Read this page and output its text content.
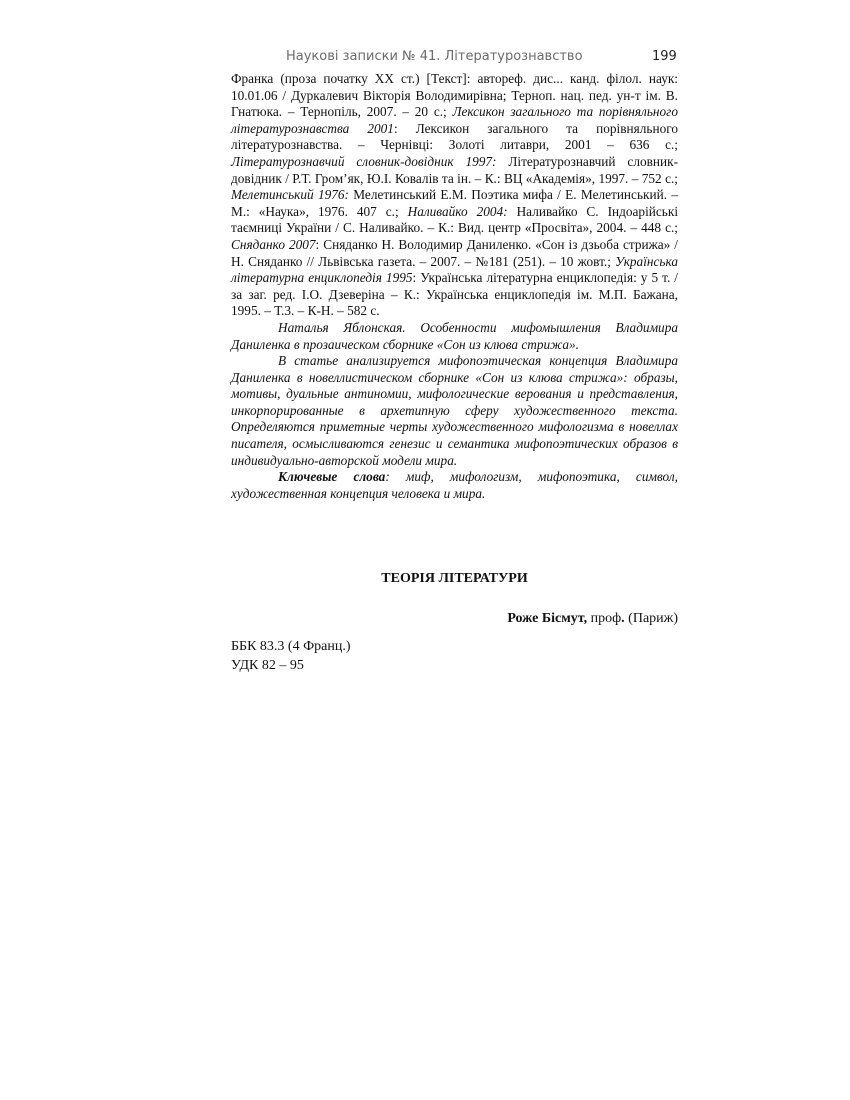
Наукові записки № 41. Літературознавство	199

Франка (проза початку XX ст.) [Текст]: автореф. дис... канд. філол. наук: 10.01.06 / Дуркалевич Вікторія Володимирівна; Терноп. нац. пед. ун-т ім. В. Гнатюка. – Тернопіль, 2007. – 20 с.; Лексикон загального та порівняльного літературознавства 2001: Лексикон загального та порівняльного літературознавства. – Чернівці: Золоті литаври, 2001 – 636 с.; Літературознавчий словник-довідник 1997: Літературознавчий словник-довідник / Р.Т. Гром’як, Ю.І. Ковалів та ін. – К.: ВЦ «Академія», 1997. – 752 с.; Мелетинський 1976: Мелетинський Е.М. Поэтика мифа / Е. Мелетинський. – М.: «Наука», 1976. 407 с.; Наливайко 2004: Наливайко С. Індоарійські таємниці України / С. Наливайко. – К.: Вид. центр «Просвіта», 2004. – 448 с.; Сняданко 2007: Сняданко Н. Володимир Даниленко. «Сон із дзьоба стрижа» / Н. Сняданко // Львівська газета. – 2007. – №181 (251). – 10 жовт.; Українська літературна енциклопедія 1995: Українська літературна енциклопедія: у 5 т. / за заг. ред. І.О. Дзеверіна – К.: Українська енциклопедія ім. М.П. Бажана, 1995. – Т.3. – К-Н. – 582 с.

Наталья Яблонская. Особенности мифомышления Владимира Даниленка в прозаическом сборнике «Сон из клюва стрижа».

В статье анализируется мифопоэтическая концепция Владимира Даниленка в новеллистическом сборнике «Сон из клюва стрижа»: образы, мотивы, дуальные антиномии, мифологические верования и представления, инкорпорированные в архетипную сферу художественного текста. Определяются приметные черты художественного мифологизма в новеллах писателя, осмысливаются генезис и семантика мифопоэтических образов в индивидуально-авторской модели мира.

Ключевые слова: миф, мифологизм, мифопоэтика, символ, художественная концепция человека и мира.

ТЕОРІЯ ЛІТЕРАТУРИ
Роже Бісмут, проф. (Париж)
ББК 83.3 (4 Франц.)
УДК 82 – 95
